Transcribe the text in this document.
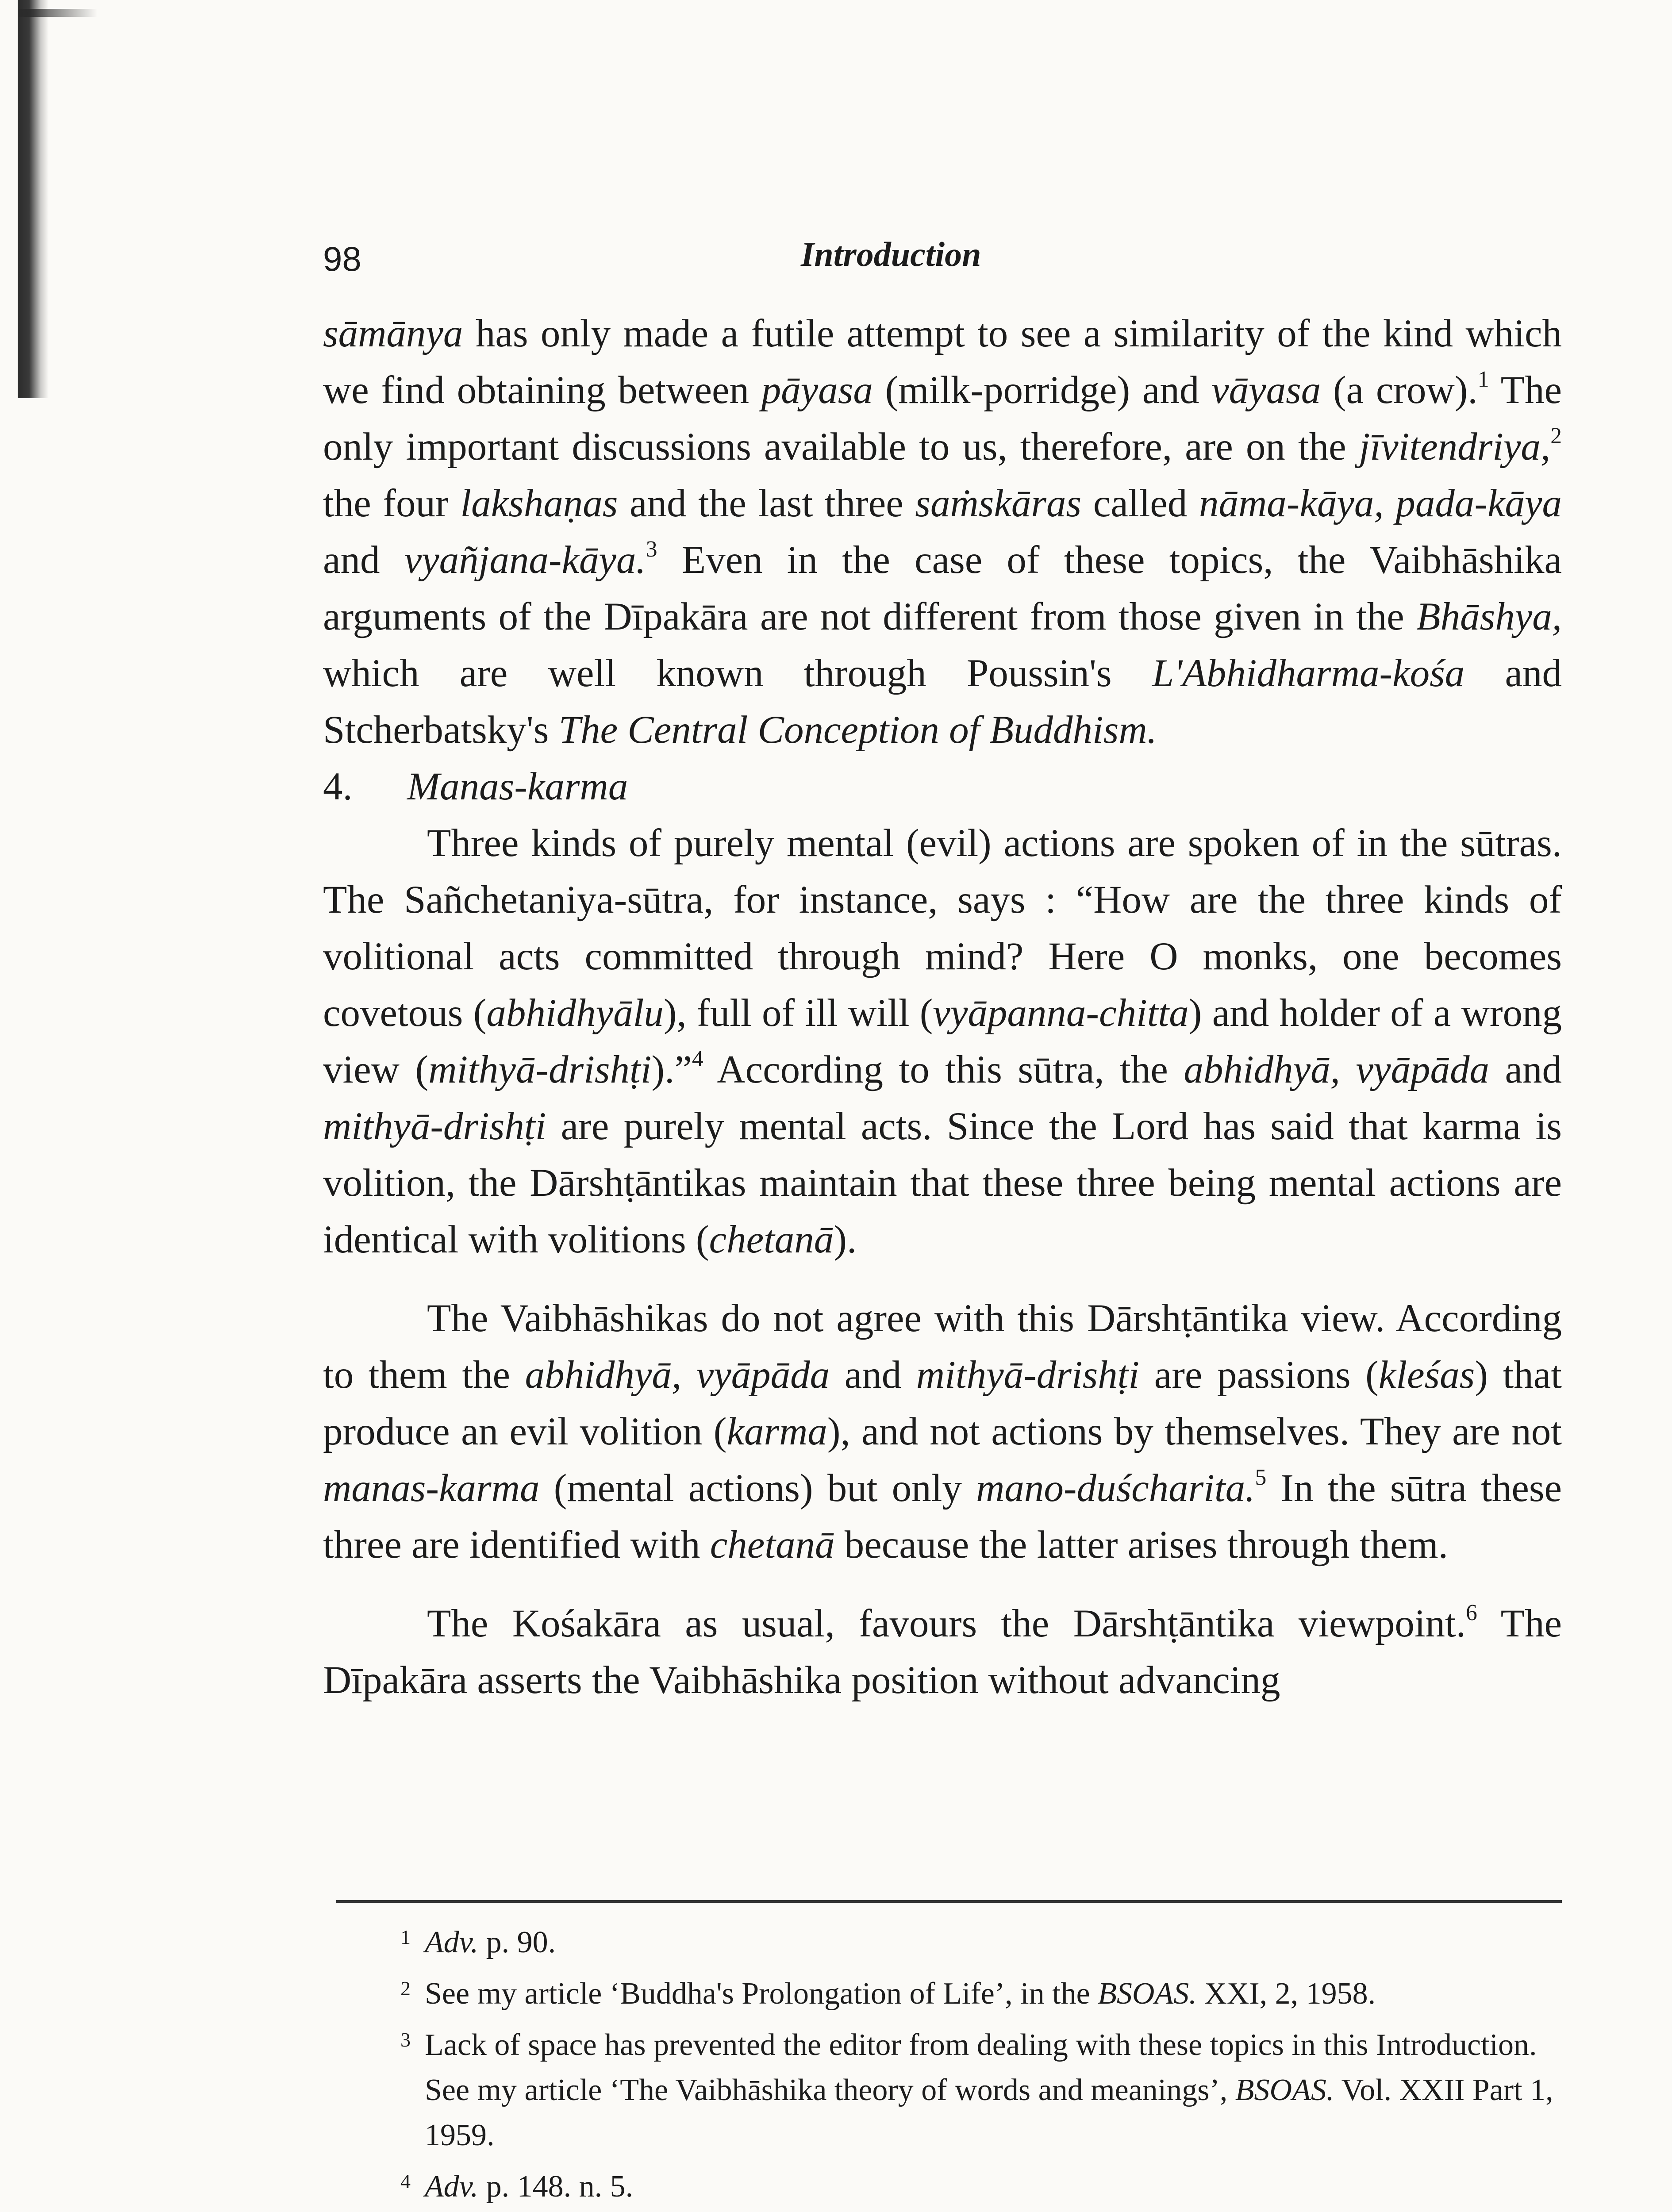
98	Introduction

sāmānya has only made a futile attempt to see a similarity of the kind which we find obtaining between pāyasa (milk-porridge) and vāyasa (a crow).$^1$ The only important discussions available to us, therefore, are on the jīvitendriya,$^2$ the four lakshaṇas and the last three saṁskāras called nāma-kāya, pada-kāya and vyañjana-kāya.$^3$ Even in the case of these topics, the Vaibhāshika arguments of the Dīpakāra are not different from those given in the Bhāshya, which are well known through Poussin's L'Abhidharma-kośa and Stcherbatsky's The Central Conception of Buddhism.

4. Manas-karma

Three kinds of purely mental (evil) actions are spoken of in the sūtras. The Sañchetaniya-sūtra, for instance, says : “How are the three kinds of volitional acts committed through mind? Here O monks, one becomes covetous (abhidhyālu), full of ill will (vyāpanna-chitta) and holder of a wrong view (mithyā-drishṭi).”$^4$ According to this sūtra, the abhidhyā, vyāpāda and mithyā-drishṭi are purely mental acts. Since the Lord has said that karma is volition, the Dārshṭāntikas maintain that these three being mental actions are identical with volitions (chetanā).

The Vaibhāshikas do not agree with this Dārshṭāntika view. According to them the abhidhyā, vyāpāda and mithyā-drishṭi are passions (kleśas) that produce an evil volition (karma), and not actions by themselves. They are not manas-karma (mental actions) but only mano-duścharita.$^5$ In the sūtra these three are identified with chetanā because the latter arises through them.

The Kośakāra as usual, favours the Dārshṭāntika viewpoint.$^6$ The Dīpakāra asserts the Vaibhāshika position without advancing

1 Adv. p. 90.

2 See my article ‘Buddha's Prolongation of Life’, in the BSOAS. XXI, 2, 1958.

3 Lack of space has prevented the editor from dealing with these topics in this Introduction. See my article ‘The Vaibhāshika theory of words and meanings’, BSOAS. Vol. XXII Part 1, 1959.

4 Adv. p. 148. n. 5.
